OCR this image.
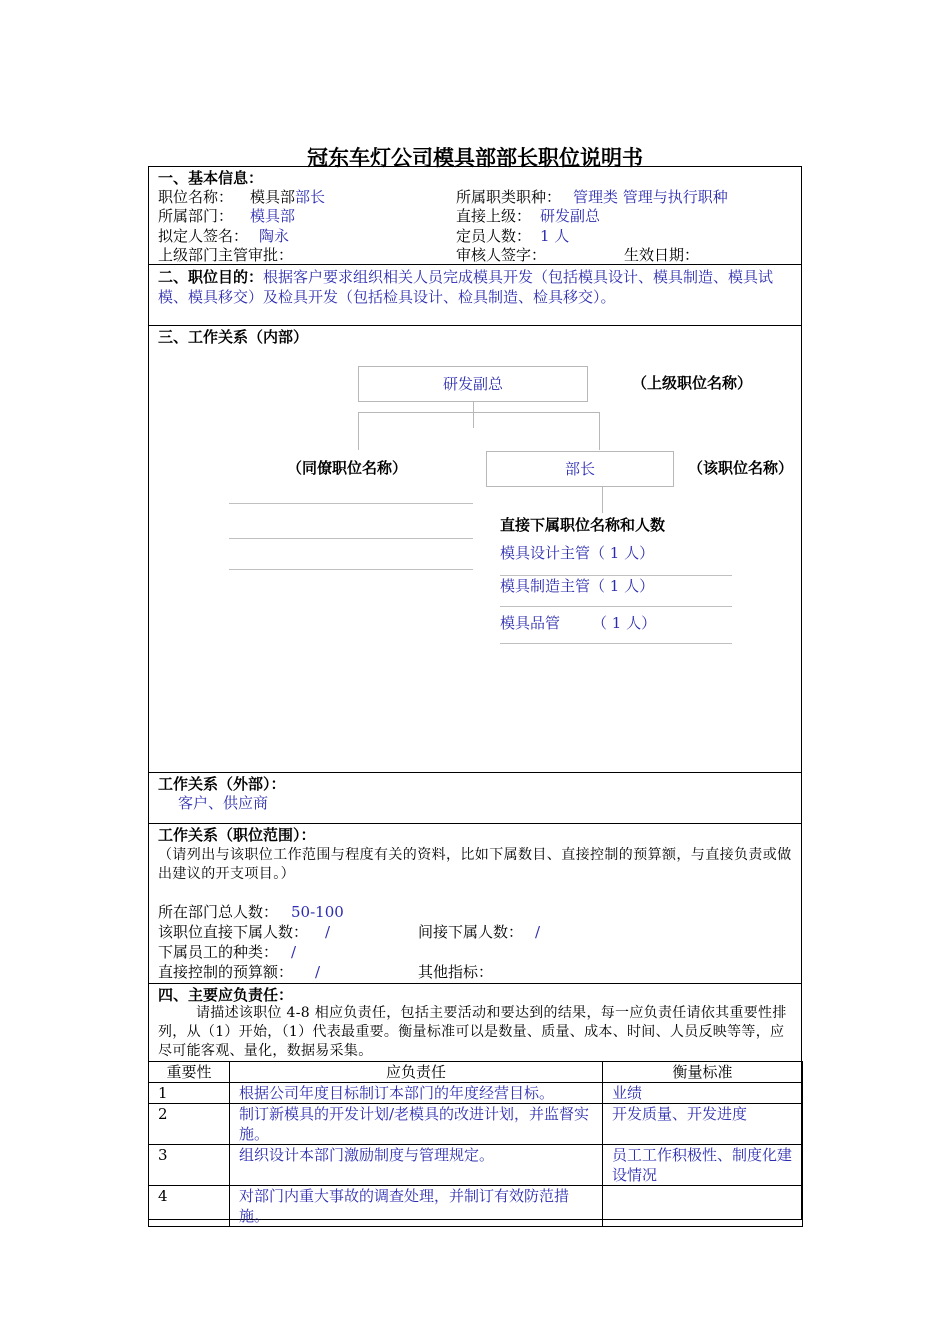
冠东车灯公司模具部部长职位说明书
一、基本信息：
职位名称： 模具部部长	所属职类职种： 管理类 管理与执行职种
所属部门： 模具部	直接上级： 研发副总
拟定人签名： 陶永	定员人数： 1 人
上级部门主管审批：	审核人签字：	生效日期：
二、职位目的：根据客户要求组织相关人员完成模具开发（包括模具设计、模具制造、模具试模、模具移交）及检具开发（包括检具设计、检具制造、检具移交）。
三、工作关系（内部）
研发副总	（上级职位名称）
（同僚职位名称）	部长	（该职位名称）
直接下属职位名称和人数
模具设计主管（ 1 人）
模具制造主管（ 1 人）
模具品管 （ 1 人）
工作关系（外部）：
客户、供应商
工作关系（职位范围）：
（请列出与该职位工作范围与程度有关的资料，比如下属数目、直接控制的预算额，与直接负责或做出建议的开支项目。）
所在部门总人数： 50-100
该职位直接下属人数： /	间接下属人数： /
下属员工的种类： /
直接控制的预算额： /	其他指标：
四、主要应负责任：
请描述该职位 4-8 相应负责任，包括主要活动和要达到的结果，每一应负责任请依其重要性排列，从（1）开始，（1）代表最重要。衡量标准可以是数量、质量、成本、时间、人员反映等等，应尽可能客观、量化，数据易采集。
重要性	应负责任	衡量标准
1	根据公司年度目标制订本部门的年度经营目标。	业绩
2	制订新模具的开发计划/老模具的改进计划，并监督实施。	开发质量、开发进度
3	组织设计本部门激励制度与管理规定。	员工工作积极性、制度化建设情况
4	对部门内重大事故的调查处理，并制订有效防范措施。	
